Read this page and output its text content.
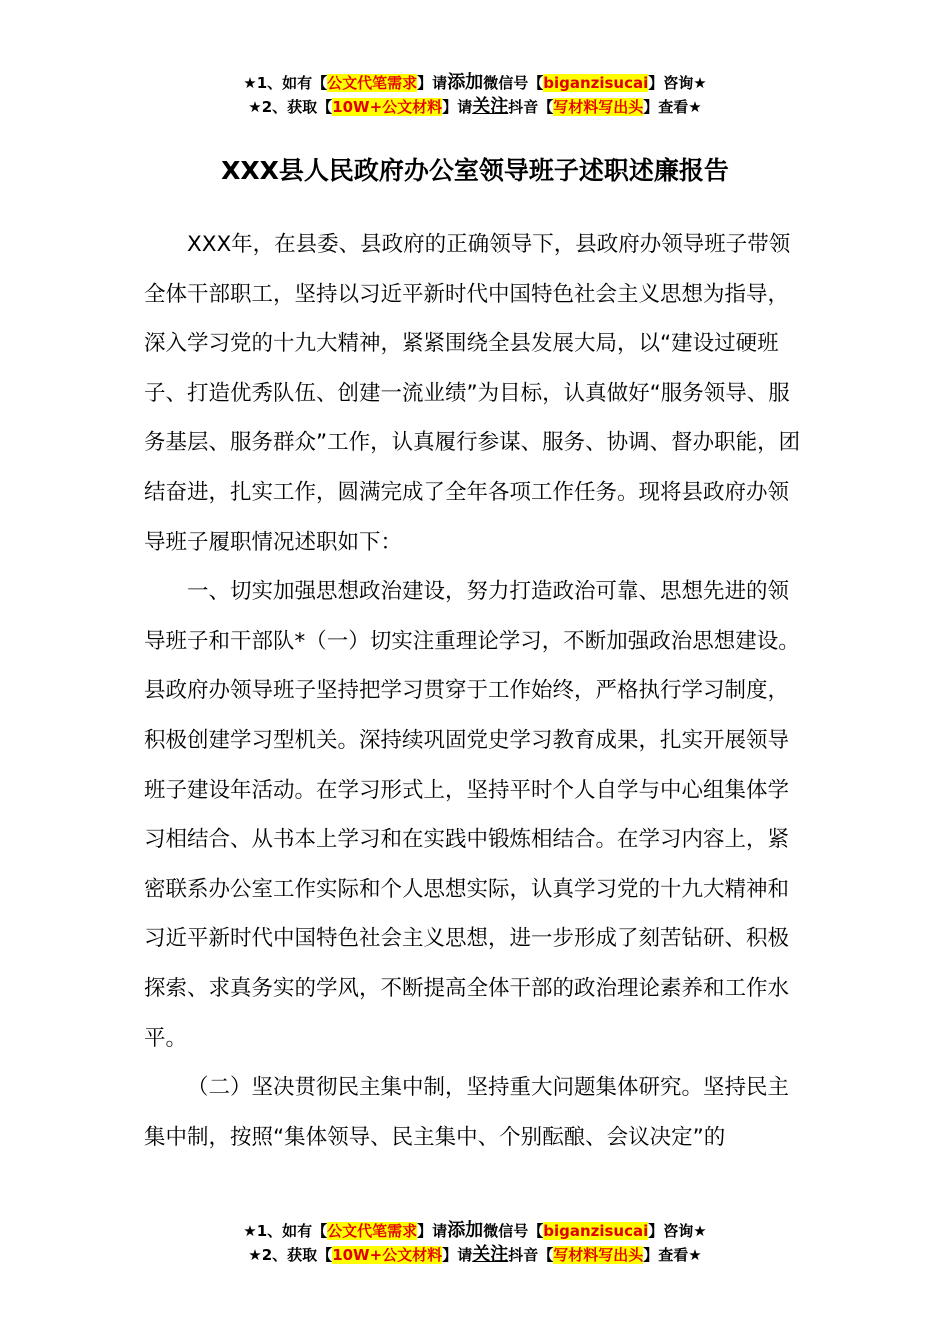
★1、如有【公文代笔需求】请添加微信号【biganzisucai】咨询★
★2、获取【10W+公文材料】请关注抖音【写材料写出头】查看★
XXX县人民政府办公室领导班子述职述廉报告

XXX年，在县委、县政府的正确领导下，县政府办领导班子带领全体干部职工，坚持以习近平新时代中国特色社会主义思想为指导，深入学习党的十九大精神，紧紧围绕全县发展大局，以“建设过硬班子、打造优秀队伍、创建一流业绩”为目标，认真做好“服务领导、服务基层、服务群众”工作，认真履行参谋、服务、协调、督办职能，团结奋进，扎实工作，圆满完成了全年各项工作任务。现将县政府办领导班子履职情况述职如下：

一、切实加强思想政治建设，努力打造政治可靠、思想先进的领导班子和干部队*（一）切实注重理论学习，不断加强政治思想建设。县政府办领导班子坚持把学习贯穿于工作始终，严格执行学习制度，积极创建学习型机关。深持续巩固党史学习教育成果，扎实开展领导班子建设年活动。在学习形式上，坚持平时个人自学与中心组集体学习相结合、从书本上学习和在实践中锻炼相结合。在学习内容上，紧密联系办公室工作实际和个人思想实际，认真学习党的十九大精神和习近平新时代中国特色社会主义思想，进一步形成了刻苦钻研、积极探索、求真务实的学风，不断提高全体干部的政治理论素养和工作水平。

（二）坚决贯彻民主集中制，坚持重大问题集体研究。坚持民主集中制，按照“集体领导、民主集中、个别酝酿、会议决定”的

★1、如有【公文代笔需求】请添加微信号【biganzisucai】咨询★
★2、获取【10W+公文材料】请关注抖音【写材料写出头】查看★
